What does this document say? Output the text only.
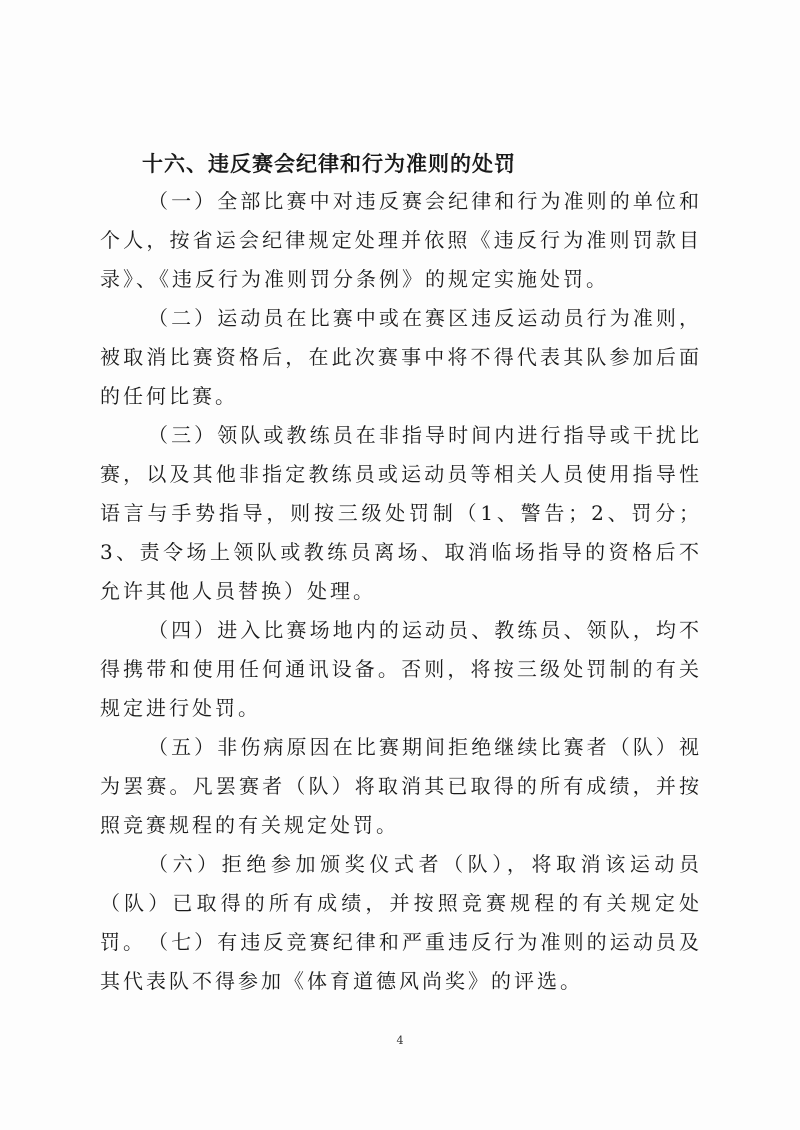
十六、违反赛会纪律和行为准则的处罚

（一）全部比赛中对违反赛会纪律和行为准则的单位和个人，按省运会纪律规定处理并依照《违反行为准则罚款目录》、《违反行为准则罚分条例》的规定实施处罚。

（二）运动员在比赛中或在赛区违反运动员行为准则，被取消比赛资格后，在此次赛事中将不得代表其队参加后面的任何比赛。

（三）领队或教练员在非指导时间内进行指导或干扰比赛，以及其他非指定教练员或运动员等相关人员使用指导性语言与手势指导，则按三级处罚制（1、警告；2、罚分；3、责令场上领队或教练员离场、取消临场指导的资格后不允许其他人员替换）处理。

（四）进入比赛场地内的运动员、教练员、领队，均不得携带和使用任何通讯设备。否则，将按三级处罚制的有关规定进行处罚。

（五）非伤病原因在比赛期间拒绝继续比赛者（队）视为罢赛。凡罢赛者（队）将取消其已取得的所有成绩，并按照竞赛规程的有关规定处罚。

（六）拒绝参加颁奖仪式者（队），将取消该运动员（队）已取得的所有成绩，并按照竞赛规程的有关规定处罚。 （七）有违反竞赛纪律和严重违反行为准则的运动员及其代表队不得参加《体育道德风尚奖》的评选。

4
